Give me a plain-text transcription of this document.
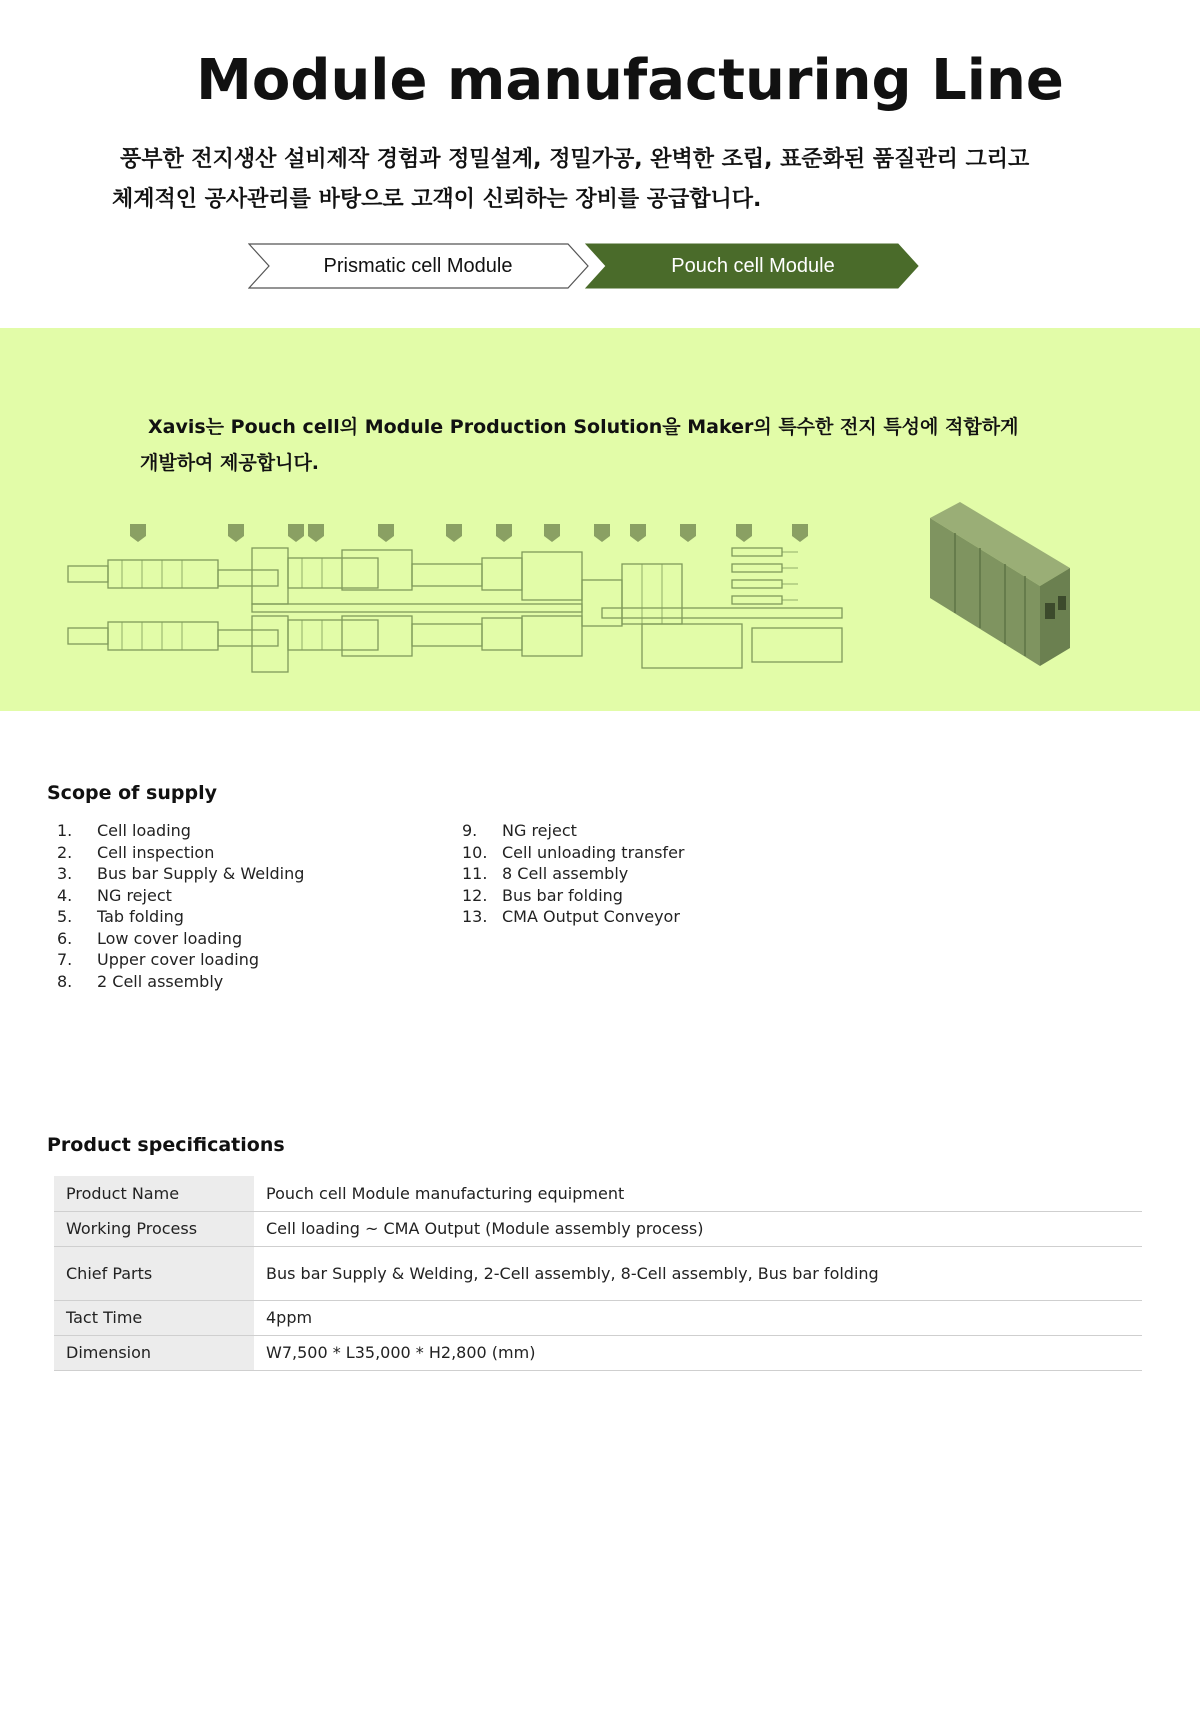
Module manufacturing Line
풍부한 전지생산 설비제작 경험과 정밀설계, 정밀가공, 완벽한 조립, 표준화된 품질관리 그리고
체계적인 공사관리를 바탕으로 고객이 신뢰하는 장비를 공급합니다.
Prismatic cell Module	Pouch cell Module
Xavis는 Pouch cell의 Module Production Solution을 Maker의 특수한 전지 특성에 적합하게
개발하여 제공합니다.
Scope of supply
1. Cell loading
2. Cell inspection
3. Bus bar Supply & Welding
4. NG reject
5. Tab folding
6. Low cover loading
7. Upper cover loading
8. 2 Cell assembly
9. NG reject
10. Cell unloading transfer
11. 8 Cell assembly
12. Bus bar folding
13. CMA Output Conveyor
Product specifications
Product Name	Pouch cell Module manufacturing equipment
Working Process	Cell loading ~ CMA Output (Module assembly process)
Chief Parts	Bus bar Supply & Welding, 2-Cell assembly, 8-Cell assembly, Bus bar folding
Tact Time	4ppm
Dimension	W7,500 * L35,000 * H2,800 (mm)
